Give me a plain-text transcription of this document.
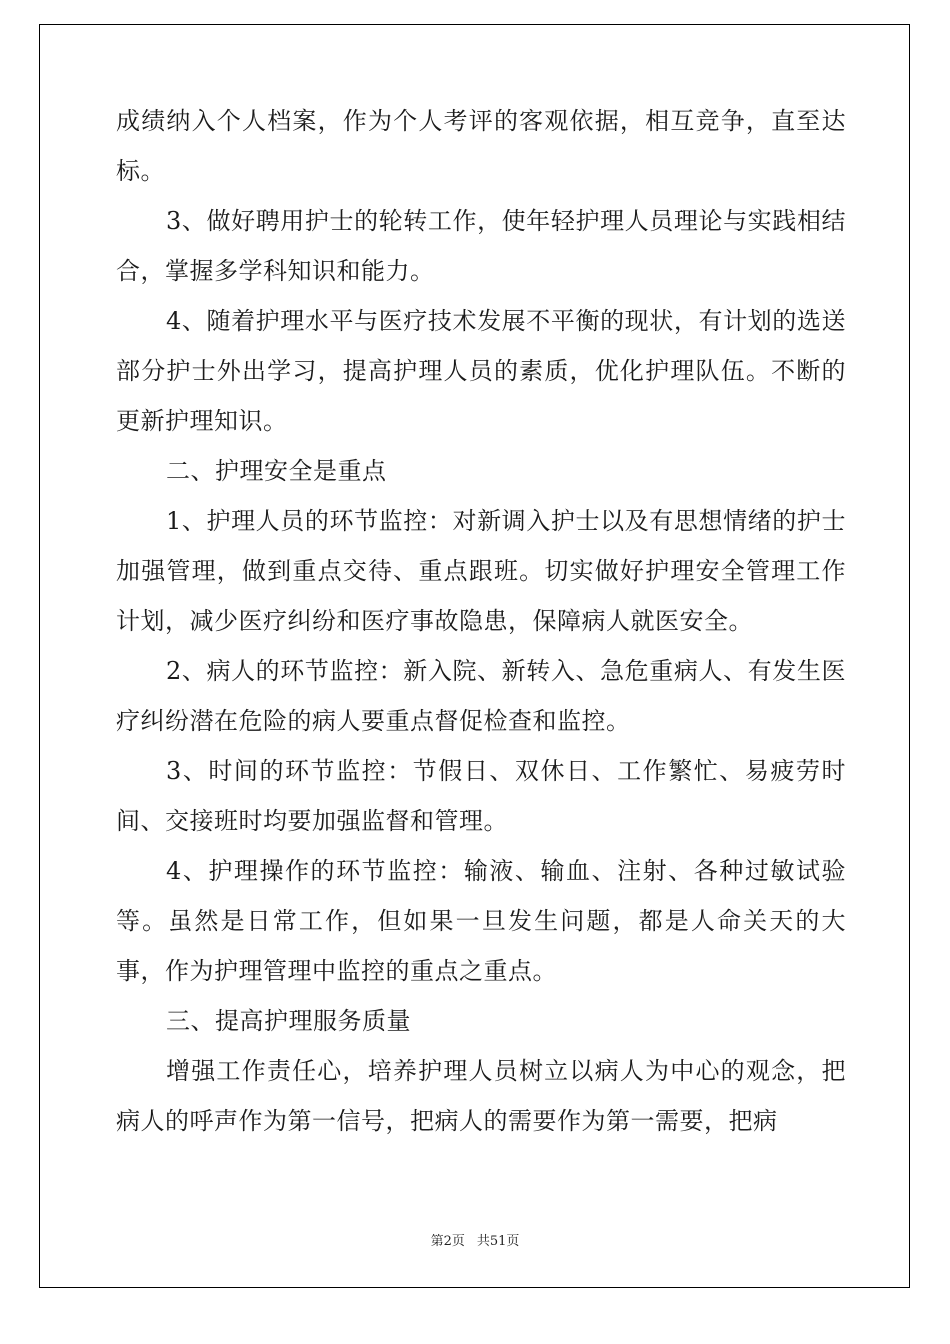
成绩纳入个人档案，作为个人考评的客观依据，相互竞争，直至达标。

3、做好聘用护士的轮转工作，使年轻护理人员理论与实践相结合，掌握多学科知识和能力。

4、随着护理水平与医疗技术发展不平衡的现状，有计划的选送部分护士外出学习，提高护理人员的素质，优化护理队伍。不断的更新护理知识。

二、护理安全是重点

1、护理人员的环节监控：对新调入护士以及有思想情绪的护士加强管理，做到重点交待、重点跟班。切实做好护理安全管理工作计划，减少医疗纠纷和医疗事故隐患，保障病人就医安全。

2、病人的环节监控：新入院、新转入、急危重病人、有发生医疗纠纷潜在危险的病人要重点督促检查和监控。

3、时间的环节监控：节假日、双休日、工作繁忙、易疲劳时间、交接班时均要加强监督和管理。

4、护理操作的环节监控：输液、输血、注射、各种过敏试验等。虽然是日常工作，但如果一旦发生问题，都是人命关天的大事，作为护理管理中监控的重点之重点。

三、提高护理服务质量

增强工作责任心，培养护理人员树立以病人为中心的观念，把病人的呼声作为第一信号，把病人的需要作为第一需要，把病

第2页 共51页
